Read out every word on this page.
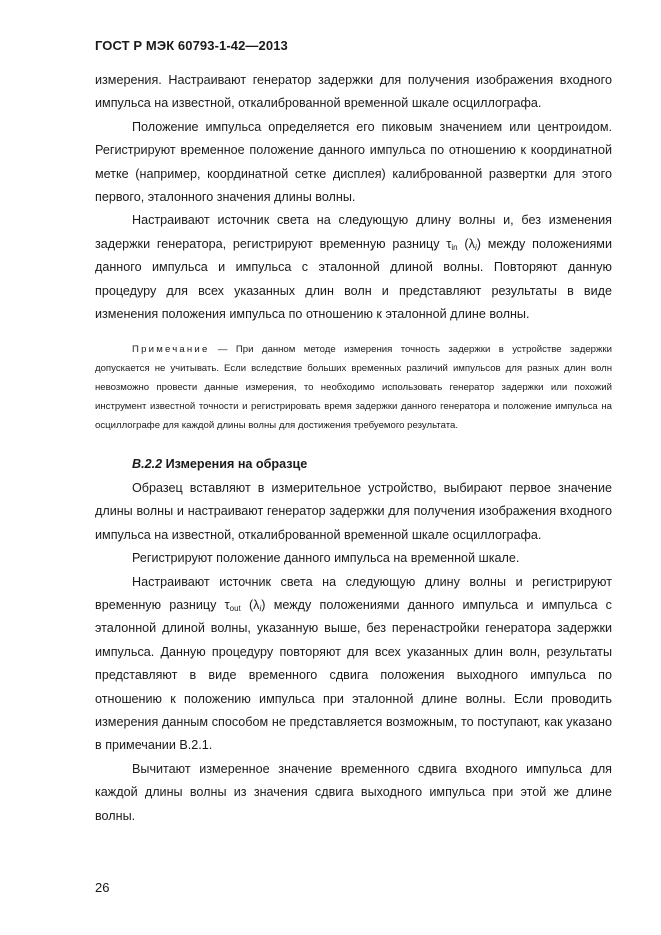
ГОСТ Р МЭК 60793-1-42—2013

измерения. Настраивают генератор задержки для получения изображения входного импульса на известной, откалиброванной временной шкале осциллографа.

Положение импульса определяется его пиковым значением или центроидом. Регистрируют временное положение данного импульса по отношению к координатной метке (например, координатной сетке дисплея) калиброванной развертки для этого первого, эталонного значения длины волны.

Настраивают источник света на следующую длину волны и, без изменения задержки генератора, регистрируют временную разницу $\tau_{in}$ $(\lambda_i)$ между положениями данного импульса и импульса с эталонной длиной волны. Повторяют данную процедуру для всех указанных длин волн и представляют результаты в виде изменения положения импульса по отношению к эталонной длине волны.

Примечание — При данном методе измерения точность задержки в устройстве задержки допускается не учитывать. Если вследствие больших временных различий импульсов для разных длин волн невозможно провести данные измерения, то необходимо использовать генератор задержки или похожий инструмент известной точности и регистрировать время задержки данного генератора и положение импульса на осциллографе для каждой длины волны для достижения требуемого результата.

В.2.2 Измерения на образце

Образец вставляют в измерительное устройство, выбирают первое значение длины волны и настраивают генератор задержки для получения изображения входного импульса на известной, откалиброванной временной шкале осциллографа.

Регистрируют положение данного импульса на временной шкале.

Настраивают источник света на следующую длину волны и регистрируют временную разницу $\tau_{out}$ $(\lambda_i)$ между положениями данного импульса и импульса с эталонной длиной волны, указанную выше, без перенастройки генератора задержки импульса. Данную процедуру повторяют для всех указанных длин волн, результаты представляют в виде временного сдвига положения выходного импульса по отношению к положению импульса при эталонной длине волны. Если проводить измерения данным способом не представляется возможным, то поступают, как указано в примечании В.2.1.

Вычитают измеренное значение временного сдвига входного импульса для каждой длины волны из значения сдвига выходного импульса при этой же длине волны.

26
